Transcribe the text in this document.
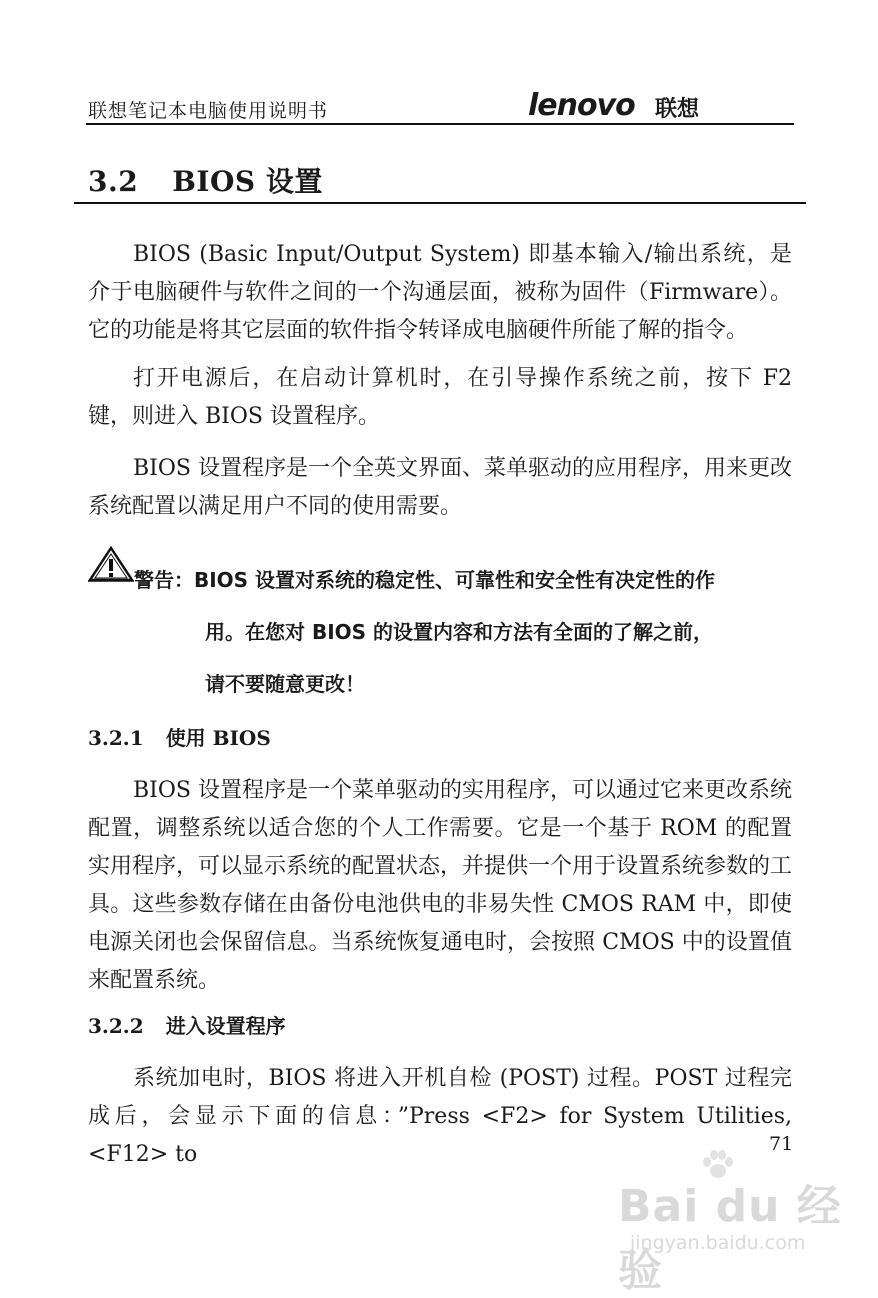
联想笔记本电脑使用说明书	lenovo 联想
3.2 BIOS 设置
BIOS (Basic Input/Output System) 即基本输入/输出系统，是介于电脑硬件与软件之间的一个沟通层面，被称为固件（Firmware）。它的功能是将其它层面的软件指令转译成电脑硬件所能了解的指令。
打开电源后，在启动计算机时，在引导操作系统之前，按下 F2 键，则进入 BIOS 设置程序。
BIOS 设置程序是一个全英文界面、菜单驱动的应用程序，用来更改系统配置以满足用户不同的使用需要。
警告：BIOS 设置对系统的稳定性、可靠性和安全性有决定性的作
用。在您对 BIOS 的设置内容和方法有全面的了解之前，
请不要随意更改！
3.2.1 使用 BIOS
BIOS 设置程序是一个菜单驱动的实用程序，可以通过它来更改系统配置，调整系统以适合您的个人工作需要。它是一个基于 ROM 的配置实用程序，可以显示系统的配置状态，并提供一个用于设置系统参数的工具。这些参数存储在由备份电池供电的非易失性 CMOS RAM 中，即使电源关闭也会保留信息。当系统恢复通电时，会按照 CMOS 中的设置值来配置系统。
3.2.2 进入设置程序
系统加电时，BIOS 将进入开机自检 (POST) 过程。POST 过程完成后，会显示下面的信息：”Press <F2> for System Utilities,<F12> to	71
Bai du 经验
jingyan.baidu.com
